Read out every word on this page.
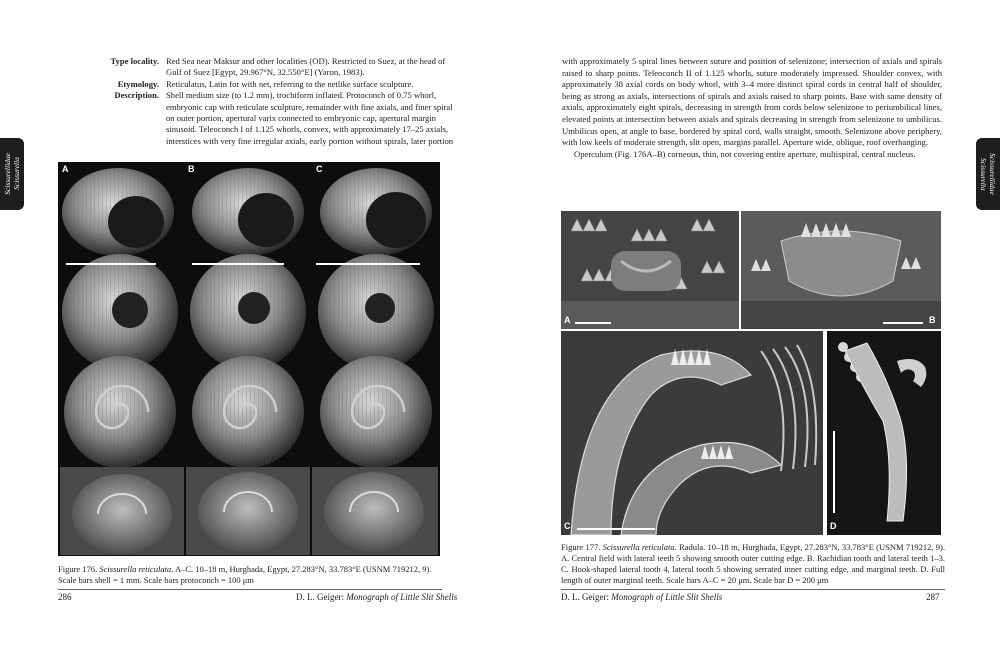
Scissurellidae
Scissurella
Type locality. Red Sea near Maksur and other localities (OD). Restricted to Suez, at the head of Gulf of Suez [Egypt, 29.967°N, 32.550°E] (Yaron, 1983).
Etymology. Reticulatus, Latin for with net, referring to the netlike surface sculpture.
Description. Shell medium size (to 1.2 mm), trochiform inflated. Protoconch of 0.75 whorl, embryonic cap with reticulate sculpture, remainder with fine axials, and finer spiral on outer portion, apertural varix connected to embryonic cap, apertural margin sinusoid. Teleoconch I of 1.125 whorls, convex, with approximately 17–25 axials, interstices with very fine irregular axials, early portion without spirals, later portion
A	B	C
Figure 176. Scissurella reticulata. A–C. 10–18 m, Hurghada, Egypt, 27.283°N, 33.783°E (USNM 719212, 9). Scale bars shell = 1 mm. Scale bars protoconch = 100 μm
286	D. L. Geiger: Monograph of Little Slit Shells
Scissurellidae
Scissurella

with approximately 5 spiral lines between suture and position of selenizone; intersection of axials and spirals raised to sharp points. Teleoconch II of 1.125 whorls, suture moderately impressed. Shoulder convex, with approximately 38 axial cords on body whorl, with 3–4 more distinct spiral cords in central half of shoulder, being as strong as axials, intersections of spirals and axials raised to sharp points. Base with same density of axials, approximately eight spirals, decreasing in strength from cords below selenizone to periumbilical lines, elevated points at intersection between axials and spirals decreasing in strength from selenizone to umbilicus. Umbilicus open, at angle to base, bordered by spiral cord, walls straight, smooth. Selenizone above periphery, with low keels of moderate strength, slit open, margins parallel. Aperture wide, oblique, roof overhanging.

Operculum (Fig. 176A–B) corneous, thin, not covering entire aperture, multispiral, central nucleus.

A	B
C	D
Figure 177. Scissurella reticulata. Radula. 10–18 m, Hurghada, Egypt, 27.283°N, 33.783°E (USNM 719212, 9). A. Central field with lateral teeth 5 showing smooth outer cutting edge. B. Rachidian tooth and lateral teeth 1–3. C. Hook-shaped lateral tooth 4, lateral tooth 5 showing serrated inner cutting edge, and marginal teeth. D. Full length of outer marginal teeth. Scale bars A–C = 20 μm. Scale bar D = 200 μm
D. L. Geiger: Monograph of Little Slit Shells	287
